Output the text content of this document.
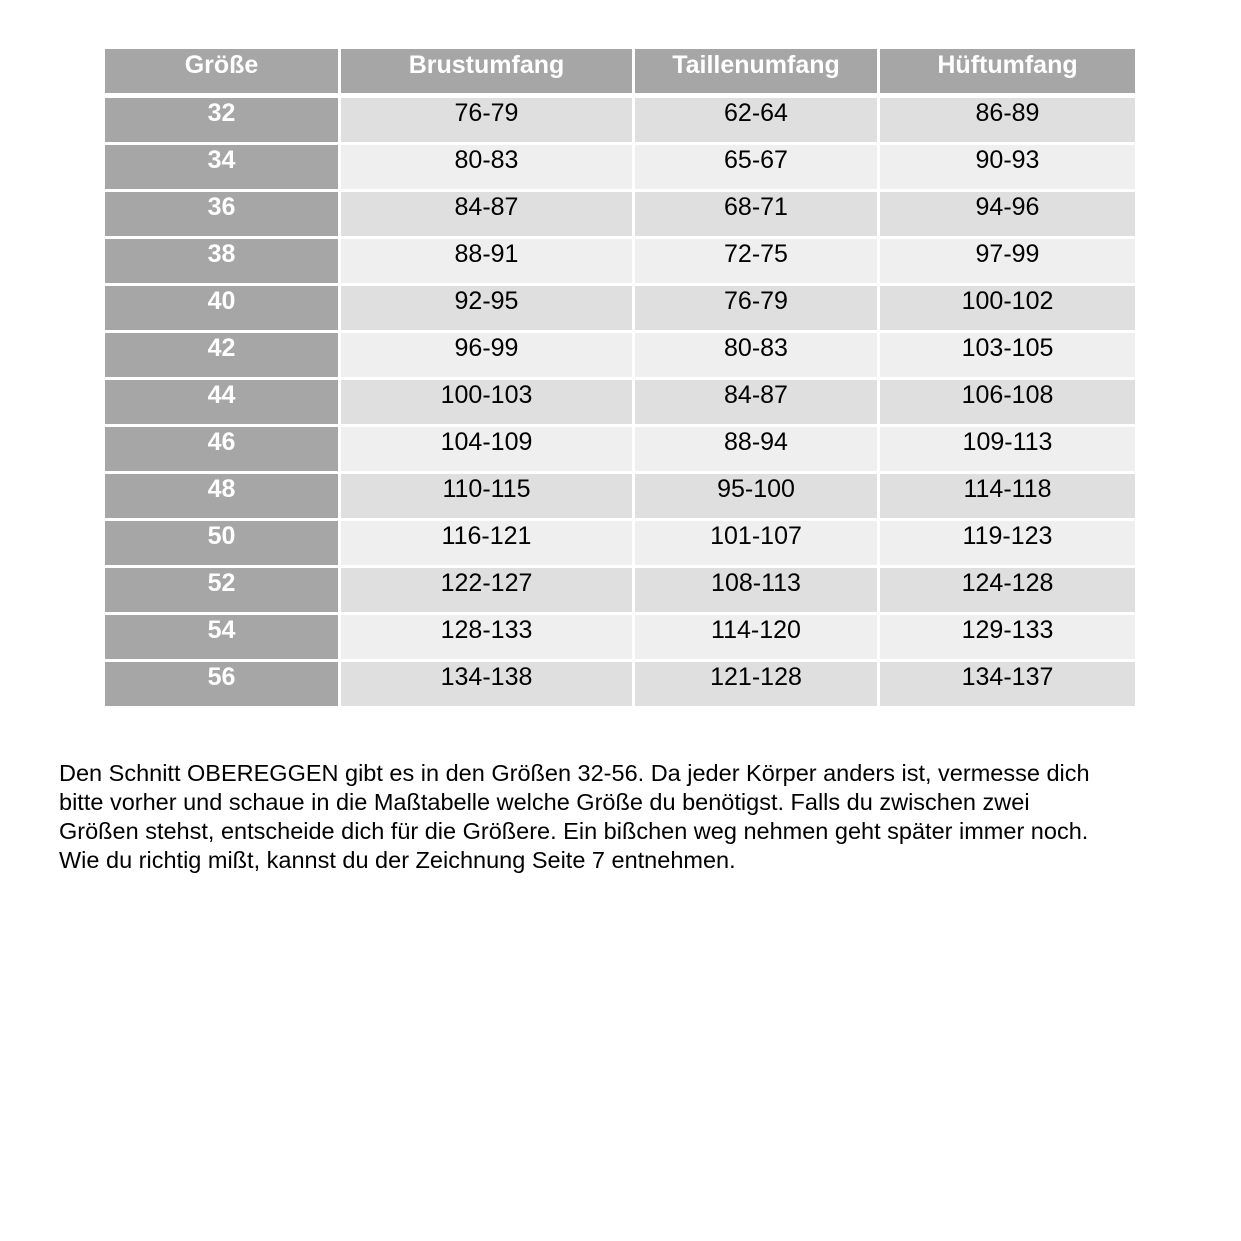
Größe	Brustumfang	Taillenumfang	Hüftumfang
32	76-79	62-64	86-89
34	80-83	65-67	90-93
36	84-87	68-71	94-96
38	88-91	72-75	97-99
40	92-95	76-79	100-102
42	96-99	80-83	103-105
44	100-103	84-87	106-108
46	104-109	88-94	109-113
48	110-115	95-100	114-118
50	116-121	101-107	119-123
52	122-127	108-113	124-128
54	128-133	114-120	129-133
56	134-138	121-128	134-137
Den Schnitt OBEREGGEN gibt es in den Größen 32-56. Da jeder Körper anders ist, vermesse dich
bitte vorher und schaue in die Maßtabelle welche Größe du benötigst. Falls du zwischen zwei
Größen stehst, entscheide dich für die Größere. Ein bißchen weg nehmen geht später immer noch.
Wie du richtig mißt, kannst du der Zeichnung Seite 7 entnehmen.
